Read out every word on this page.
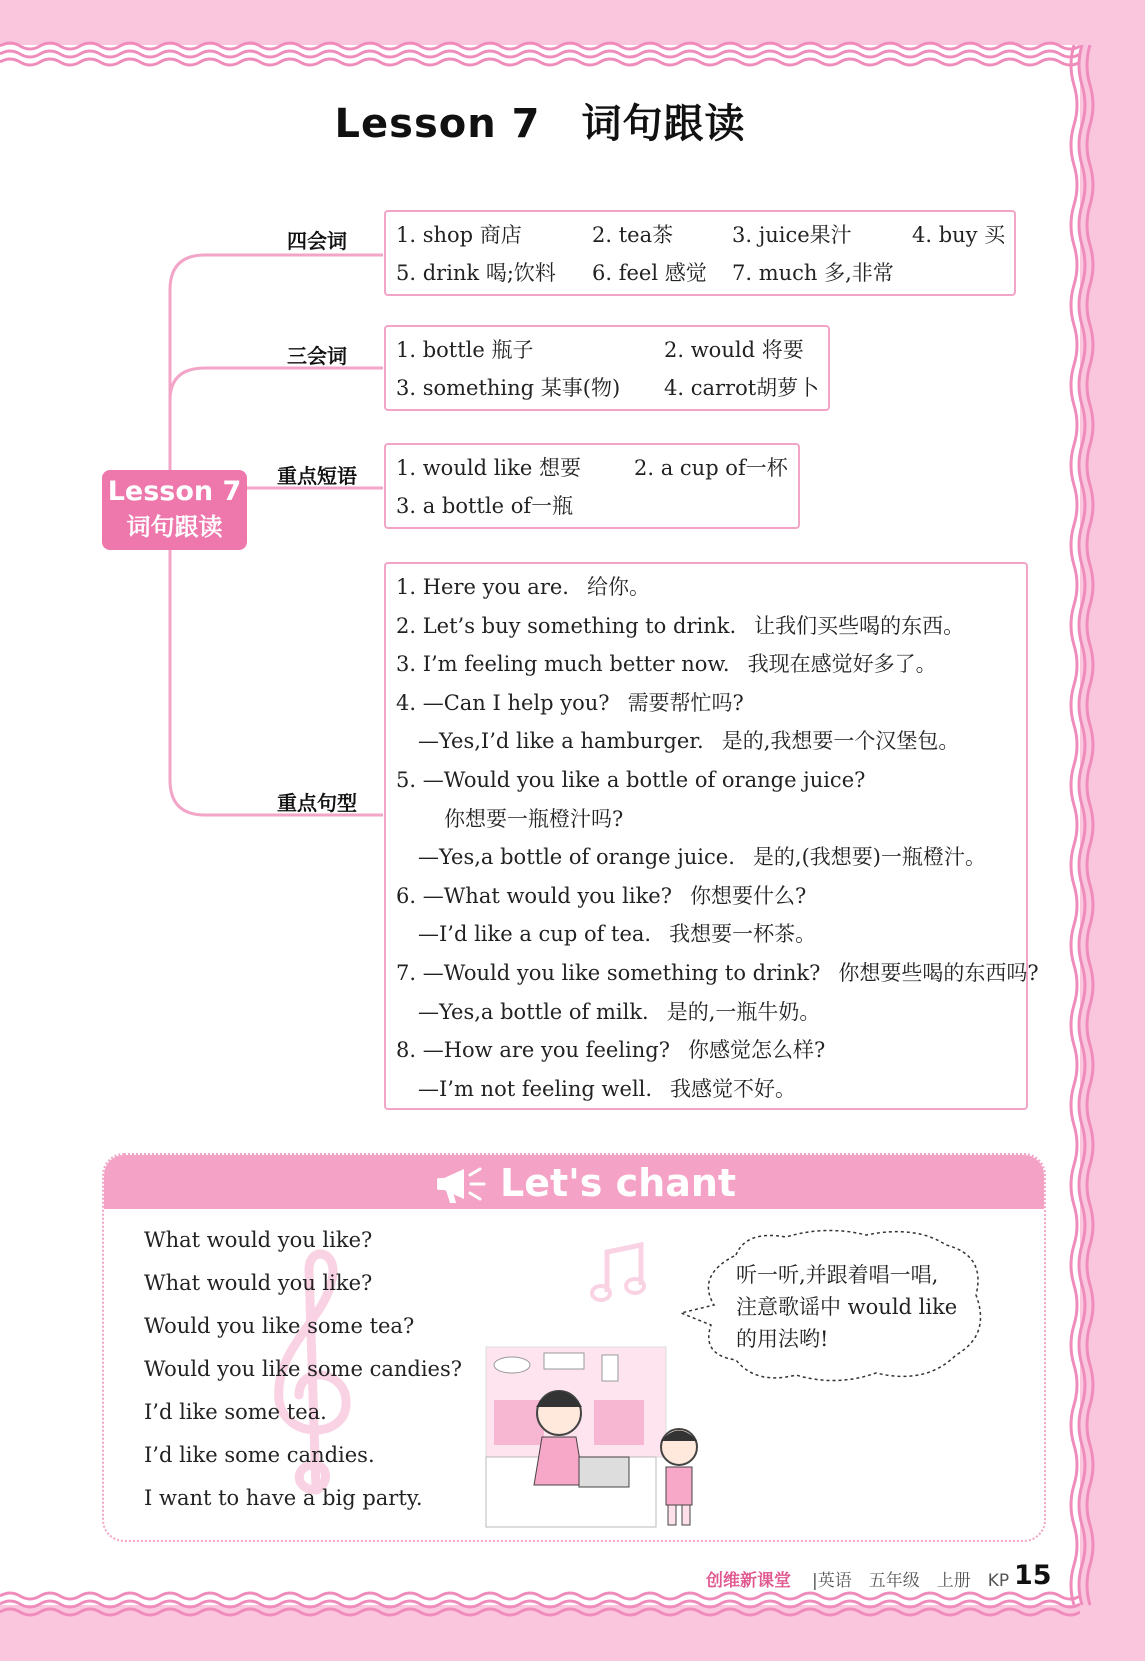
Lesson 7　词句跟读
Lesson 7
词句跟读
四会词
三会词
重点短语
重点句型
1. shop 商店	2. tea茶	3. juice果汁	4. buy 买
5. drink 喝;饮料 6. feel 感觉 7. much 多,非常
1. bottle 瓶子	2. would 将要
3. something 某事(物) 4. carrot胡萝卜
1. would like 想要	2. a cup of一杯
3. a bottle of一瓶
1. Here you are. 给你。
2. Let’s buy something to drink. 让我们买些喝的东西。
3. I’m feeling much better now. 我现在感觉好多了。
4. —Can I help you? 需要帮忙吗?
—Yes,I’d like a hamburger. 是的,我想要一个汉堡包。
5. —Would you like a bottle of orange juice?
你想要一瓶橙汁吗?
—Yes,a bottle of orange juice. 是的,(我想要)一瓶橙汁。
6. —What would you like? 你想要什么?
—I’d like a cup of tea. 我想要一杯茶。
7. —Would you like something to drink? 你想要些喝的东西吗?
—Yes,a bottle of milk. 是的,一瓶牛奶。
8. —How are you feeling? 你感觉怎么样?
—I’m not feeling well. 我感觉不好。
Let's chant
What would you like?
What would you like?
Would you like some tea?
Would you like some candies?
I’d like some tea.
I’d like some candies.
I want to have a big party.
听一听,并跟着唱一唱,
注意歌谣中 would like
的用法哟!
创维新课堂 |英语　五年级　上册　KP 15
